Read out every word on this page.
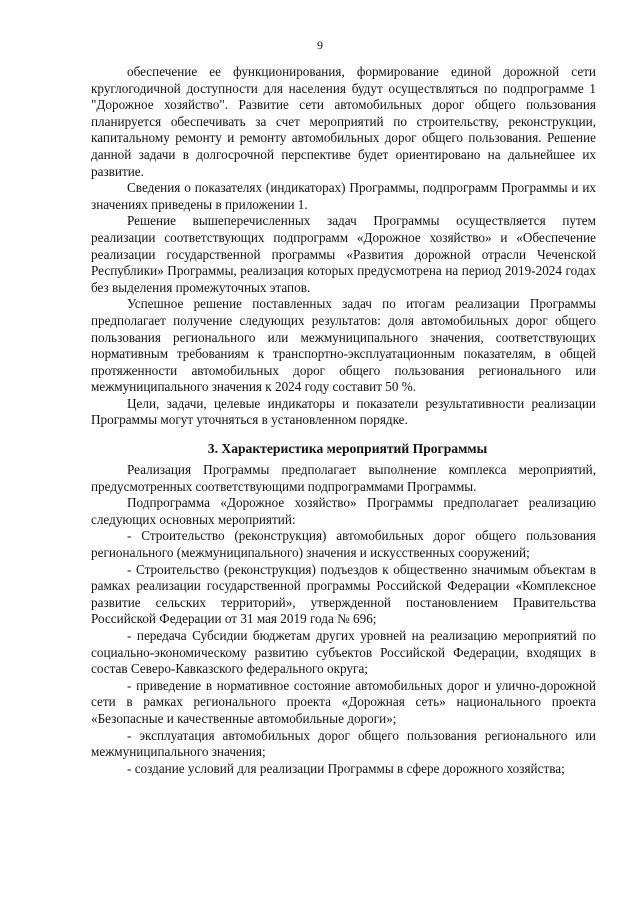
9

обеспечение ее функционирования, формирование единой дорожной сети круглогодичной доступности для населения будут осуществляться по подпрограмме 1 "Дорожное хозяйство". Развитие сети автомобильных дорог общего пользования планируется обеспечивать за счет мероприятий по строительству, реконструкции, капитальному ремонту и ремонту автомобильных дорог общего пользования. Решение данной задачи в долгосрочной перспективе будет ориентировано на дальнейшее их развитие.

Сведения о показателях (индикаторах) Программы, подпрограмм Программы и их значениях приведены в приложении 1.

Решение вышеперечисленных задач Программы осуществляется путем реализации соответствующих подпрограмм «Дорожное хозяйство» и «Обеспечение реализации государственной программы «Развития дорожной отрасли Чеченской Республики» Программы, реализация которых предусмотрена на период 2019-2024 годах без выделения промежуточных этапов.

Успешное решение поставленных задач по итогам реализации Программы предполагает получение следующих результатов: доля автомобильных дорог общего пользования регионального или межмуниципального значения, соответствующих нормативным требованиям к транспортно-эксплуатационным показателям, в общей протяженности автомобильных дорог общего пользования регионального или межмуниципального значения к 2024 году составит 50 %.

Цели, задачи, целевые индикаторы и показатели результативности реализации Программы могут уточняться в установленном порядке.

3. Характеристика мероприятий Программы

Реализация Программы предполагает выполнение комплекса мероприятий, предусмотренных соответствующими подпрограммами Программы.

Подпрограмма «Дорожное хозяйство» Программы предполагает реализацию следующих основных мероприятий:

- Строительство (реконструкция) автомобильных дорог общего пользования регионального (межмуниципального) значения и искусственных сооружений;

- Строительство (реконструкция) подъездов к общественно значимым объектам в рамках реализации государственной программы Российской Федерации «Комплексное развитие сельских территорий», утвержденной постановлением Правительства Российской Федерации от 31 мая 2019 года № 696;

- передача Субсидии бюджетам других уровней на реализацию мероприятий по социально-экономическому развитию субъектов Российской Федерации, входящих в состав Северо-Кавказского федерального округа;

- приведение в нормативное состояние автомобильных дорог и улично-дорожной сети в рамках регионального проекта «Дорожная сеть» национального проекта «Безопасные и качественные автомобильные дороги»;

- эксплуатация автомобильных дорог общего пользования регионального или межмуниципального значения;

- создание условий для реализации Программы в сфере дорожного хозяйства;
